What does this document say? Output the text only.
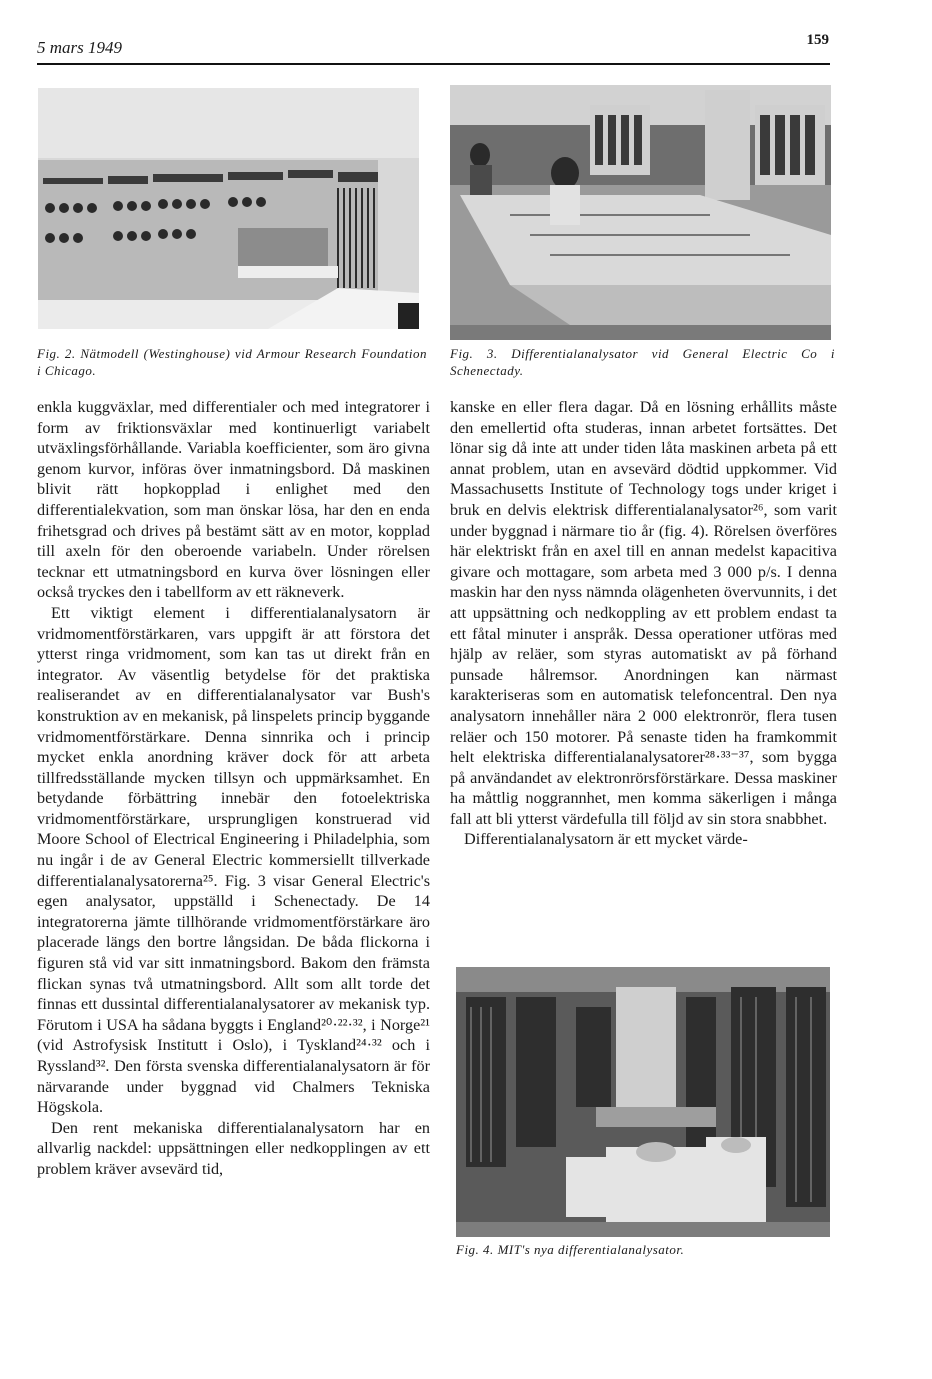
5 mars 1949	159
Fig. 2. Nätmodell (Westinghouse) vid Armour Research Foundation i Chicago.
Fig. 3. Differentialanalysator vid General Electric Co i Schenectady.

enkla kuggväxlar, med differentialer och med integratorer i form av friktionsväxlar med kontinuerligt variabelt utväxlingsförhållande. Variabla koefficienter, som äro givna genom kurvor, införas över inmatningsbord. Då maskinen blivit rätt hopkopplad i enlighet med den differentialekvation, som man önskar lösa, har den en enda frihetsgrad och drives på bestämt sätt av en motor, kopplad till axeln för den oberoende variabeln. Under rörelsen tecknar ett utmatningsbord en kurva över lösningen eller också tryckes den i tabellform av ett räkneverk.

Ett viktigt element i differentialanalysatorn är vridmomentförstärkaren, vars uppgift är att förstora det ytterst ringa vridmoment, som kan tas ut direkt från en integrator. Av väsentlig betydelse för det praktiska realiserandet av en differentialanalysator var Bush's konstruktion av en mekanisk, på linspelets princip byggande vridmomentförstärkare. Denna sinnrika och i princip mycket enkla anordning kräver dock för att arbeta tillfredsställande mycken tillsyn och uppmärksamhet. En betydande förbättring innebär den fotoelektriska vridmomentförstärkare, ursprungligen konstruerad vid Moore School of Electrical Engineering i Philadelphia, som nu ingår i de av General Electric kommersiellt tillverkade differentialanalysatorerna²⁵. Fig. 3 visar General Electric's egen analysator, uppställd i Schenectady. De 14 integratorerna jämte tillhörande vridmomentförstärkare äro placerade längs den bortre långsidan. De båda flickorna i figuren stå vid var sitt inmatningsbord. Bakom den främsta flickan synas två utmatningsbord. Allt som allt torde det finnas ett dussintal differentialanalysatorer av mekanisk typ. Förutom i USA ha sådana byggts i England²⁰·²²·³², i Norge²¹ (vid Astrofysisk Institutt i Oslo), i Tyskland²⁴·³² och i Ryssland³². Den första svenska differentialanalysatorn är för närvarande under byggnad vid Chalmers Tekniska Högskola.

Den rent mekaniska differentialanalysatorn har en allvarlig nackdel: uppsättningen eller nedkopplingen av ett problem kräver avsevärd tid,

kanske en eller flera dagar. Då en lösning erhållits måste den emellertid ofta studeras, innan arbetet fortsättes. Det lönar sig då inte att under tiden låta maskinen arbeta på ett annat problem, utan en avsevärd dödtid uppkommer. Vid Massachusetts Institute of Technology togs under kriget i bruk en delvis elektrisk differentialanalysator²⁶, som varit under byggnad i närmare tio år (fig. 4). Rörelsen överföres här elektriskt från en axel till en annan medelst kapacitiva givare och mottagare, som arbeta med 3 000 p/s. I denna maskin har den nyss nämnda olägenheten övervunnits, i det att uppsättning och nedkoppling av ett problem endast ta ett fåtal minuter i anspråk. Dessa operationer utföras med hjälp av reläer, som styras automatiskt av på förhand punsade hålremsor. Anordningen kan närmast karakteriseras som en automatisk telefoncentral. Den nya analysatorn innehåller nära 2 000 elektronrör, flera tusen reläer och 150 motorer. På senaste tiden ha framkommit helt elektriska differentialanalysatorer²⁸·³³⁻³⁷, som bygga på användandet av elektronrörsförstärkare. Dessa maskiner ha måttlig noggrannhet, men komma säkerligen i många fall att bli ytterst värdefulla till följd av sin stora snabbhet.

Differentialanalysatorn är ett mycket värde-

Fig. 4. MIT's nya differentialanalysator.
